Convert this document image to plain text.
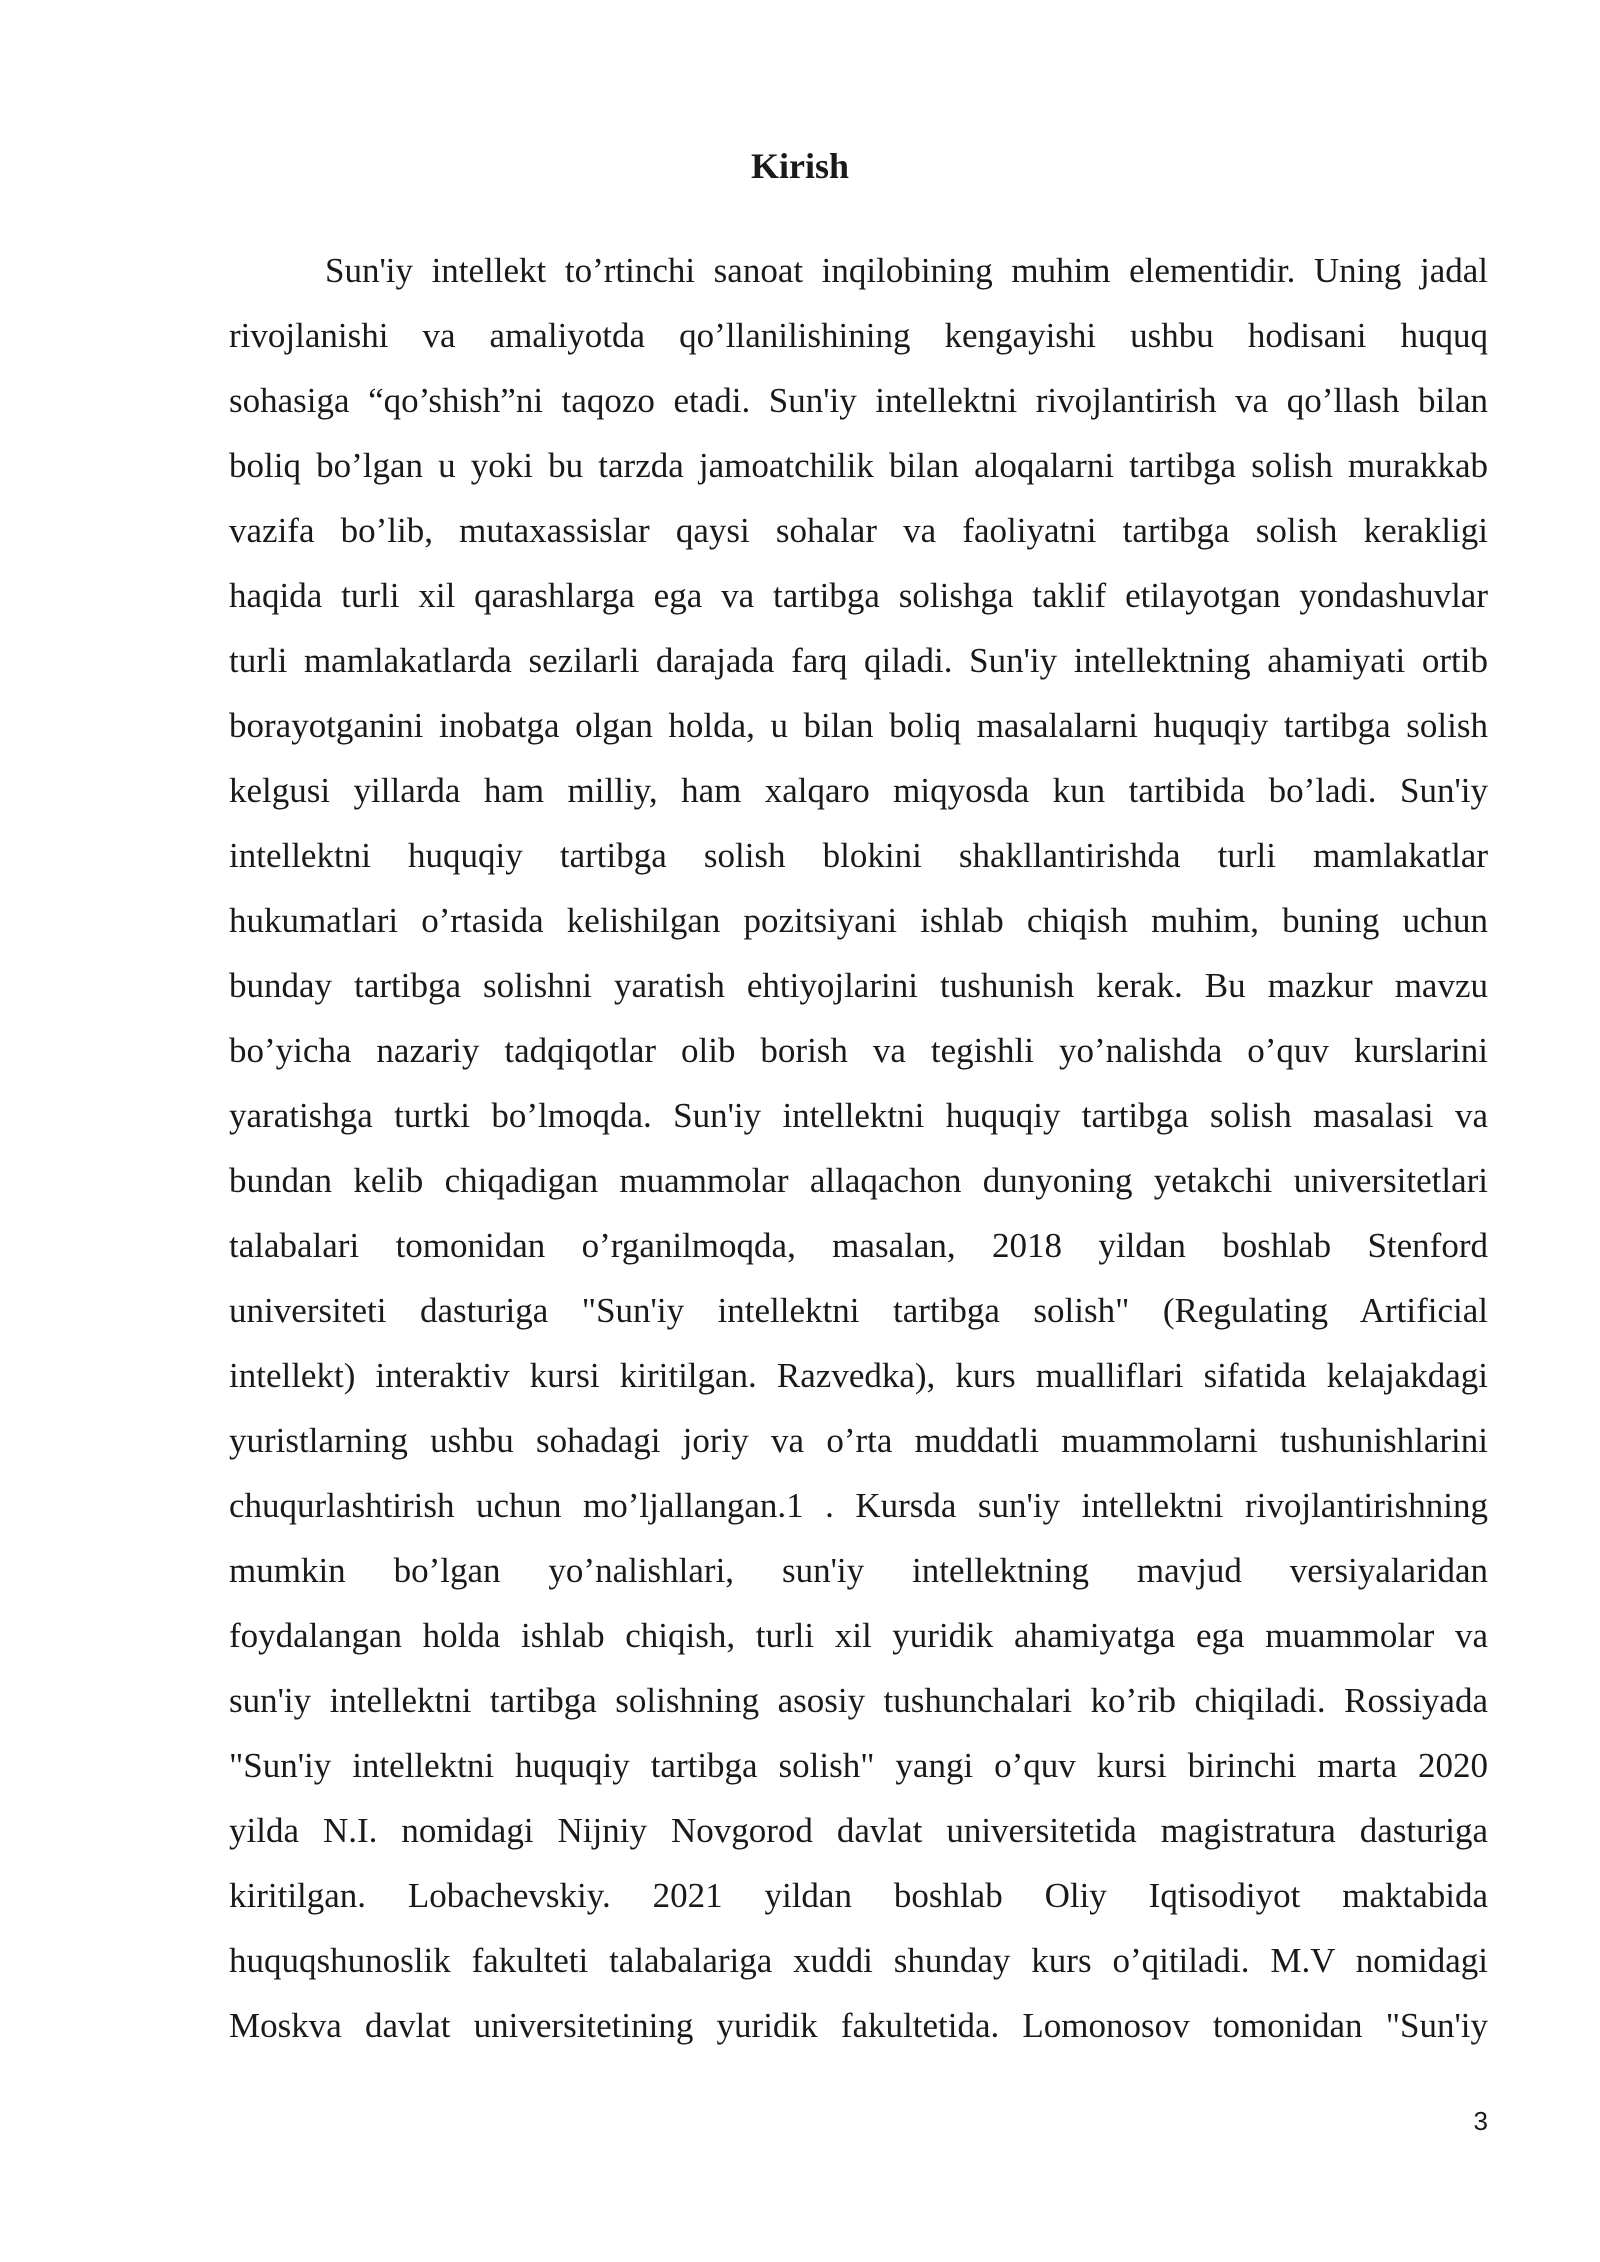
Kirish

Sun'iy intellekt to’rtinchi sanoat inqilobining muhim elementidir. Uning jadal
rivojlanishi va amaliyotda qo’llanilishining kengayishi ushbu hodisani huquq
sohasiga “qo’shish”ni taqozo etadi. Sun'iy intellektni rivojlantirish va qo’llash bilan
boliq bo’lgan u yoki bu tarzda jamoatchilik bilan aloqalarni tartibga solish murakkab
vazifa bo’lib, mutaxassislar qaysi sohalar va faoliyatni tartibga solish kerakligi
haqida turli xil qarashlarga ega va tartibga solishga taklif etilayotgan yondashuvlar
turli mamlakatlarda sezilarli darajada farq qiladi. Sun'iy intellektning ahamiyati ortib
borayotganini inobatga olgan holda, u bilan boliq masalalarni huquqiy tartibga solish
kelgusi yillarda ham milliy, ham xalqaro miqyosda kun tartibida bo’ladi. Sun'iy
intellektni huquqiy tartibga solish blokini shakllantirishda turli mamlakatlar
hukumatlari o’rtasida kelishilgan pozitsiyani ishlab chiqish muhim, buning uchun
bunday tartibga solishni yaratish ehtiyojlarini tushunish kerak. Bu mazkur mavzu
bo’yicha nazariy tadqiqotlar olib borish va tegishli yo’nalishda o’quv kurslarini
yaratishga turtki bo’lmoqda. Sun'iy intellektni huquqiy tartibga solish masalasi va
bundan kelib chiqadigan muammolar allaqachon dunyoning yetakchi universitetlari
talabalari tomonidan o’rganilmoqda, masalan, 2018 yildan boshlab Stenford
universiteti dasturiga "Sun'iy intellektni tartibga solish" (Regulating Artificial
intellekt) interaktiv kursi kiritilgan. Razvedka), kurs mualliflari sifatida kelajakdagi
yuristlarning ushbu sohadagi joriy va o’rta muddatli muammolarni tushunishlarini
chuqurlashtirish uchun mo’ljallangan.1 . Kursda sun'iy intellektni rivojlantirishning
mumkin bo’lgan yo’nalishlari, sun'iy intellektning mavjud versiyalaridan
foydalangan holda ishlab chiqish, turli xil yuridik ahamiyatga ega muammolar va
sun'iy intellektni tartibga solishning asosiy tushunchalari ko’rib chiqiladi. Rossiyada
"Sun'iy intellektni huquqiy tartibga solish" yangi o’quv kursi birinchi marta 2020
yilda N.I. nomidagi Nijniy Novgorod davlat universitetida magistratura dasturiga
kiritilgan. Lobachevskiy. 2021 yildan boshlab Oliy Iqtisodiyot maktabida
huquqshunoslik fakulteti talabalariga xuddi shunday kurs o’qitiladi. M.V nomidagi
Moskva davlat universitetining yuridik fakultetida. Lomonosov tomonidan "Sun'iy

3
